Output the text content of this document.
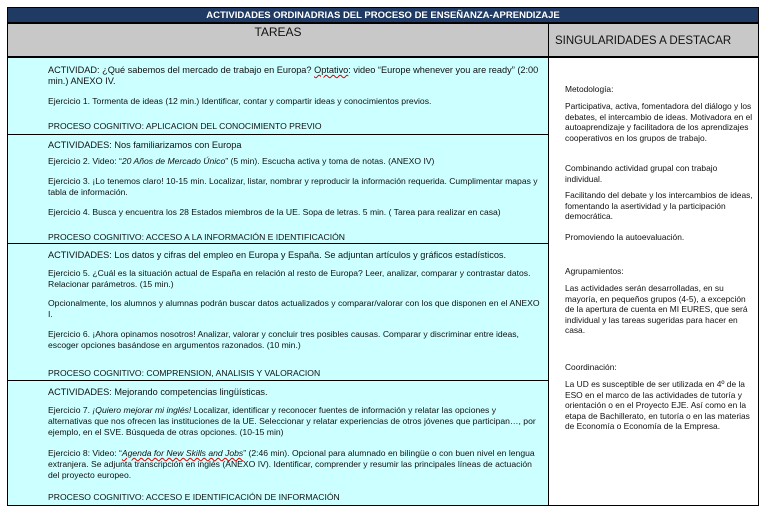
ACTIVIDADES ORDINADRIAS DEL PROCESO DE ENSEÑANZA-APRENDIZAJE
TAREAS
SINGULARIDADES A DESTACAR

ACTIVIDAD: ¿Qué sabemos del mercado de trabajo en Europa? Optativo: video “Europe whenever you are ready” (2:00 min.) ANEXO IV.

Ejercicio 1. Tormenta de ideas (12 min.) Identificar, contar y compartir ideas y conocimientos previos.

PROCESO COGNITIVO: APLICACION DEL CONOCIMIENTO PREVIO

ACTIVIDADES: Nos familiarizamos con Europa

Ejercicio 2. Video: “20 Años de Mercado Único” (5 min). Escucha activa y toma de notas. (ANEXO IV)

Ejercicio 3. ¡Lo tenemos claro! 10-15 min. Localizar, listar, nombrar y reproducir la información requerida. Cumplimentar mapas y tabla de información.

Ejercicio 4. Busca y encuentra los 28 Estados miembros de la UE. Sopa de letras. 5 min. ( Tarea para realizar en casa)

PROCESO COGNITIVO: ACCESO A LA INFORMACIÓN E IDENTIFICACIÓN

ACTIVIDADES: Los datos y cifras del empleo en Europa y España. Se adjuntan artículos y gráficos estadísticos.

Ejercicio 5. ¿Cuál es la situación actual de España en relación al resto de Europa? Leer, analizar, comparar y contrastar datos. Relacionar parámetros. (15 min.)

Opcionalmente, los alumnos y alumnas podrán buscar datos actualizados y comparar/valorar con los que disponen en el ANEXO I.

Ejercicio 6. ¡Ahora opinamos nosotros! Analizar, valorar y concluir tres posibles causas. Comparar y discriminar entre ideas, escoger opciones basándose en argumentos razonados. (10 min.)

PROCESO COGNITIVO: COMPRENSION, ANALISIS Y VALORACION

ACTIVIDADES: Mejorando competencias lingüísticas.

Ejercicio 7. ¡Quiero mejorar mi inglés! Localizar, identificar y reconocer fuentes de información y relatar las opciones y alternativas que nos ofrecen las instituciones de la UE. Seleccionar y relatar experiencias de otros jóvenes que participan…, por ejemplo, en el SVE. Búsqueda de otras opciones. (10-15 min)

Ejercicio 8: Video: “Agenda for New Skills and Jobs” (2:46 min). Opcional para alumnado en bilingüe o con buen nivel en lengua extranjera. Se adjunta transcripción en inglés (ANEXO IV). Identificar, comprender y resumir las principales líneas de actuación del proyecto europeo.

PROCESO COGNITIVO: ACCESO E IDENTIFICACIÓN DE INFORMACIÓN

Metodología:

Participativa, activa, fomentadora del diálogo y los debates, el intercambio de ideas. Motivadora en el autoaprendizaje y facilitadora de los aprendizajes cooperativos en los grupos de trabajo.

Combinando actividad grupal con trabajo individual.

Facilitando del debate y los intercambios de ideas, fomentando la asertividad y la participación democrática.

Promoviendo la autoevaluación.

Agrupamientos:

Las actividades serán desarrolladas, en su mayoría, en pequeños grupos (4-5), a excepción de la apertura de cuenta en MI EURES, que será individual y las tareas sugeridas para hacer en casa.

Coordinación:

La UD es susceptible de ser utilizada en 4º de la ESO en el marco de las actividades de tutoría y orientación o en el Proyecto EJE. Así como en la etapa de Bachillerato, en tutoría o en las materias de Economía o Economía de la Empresa.
